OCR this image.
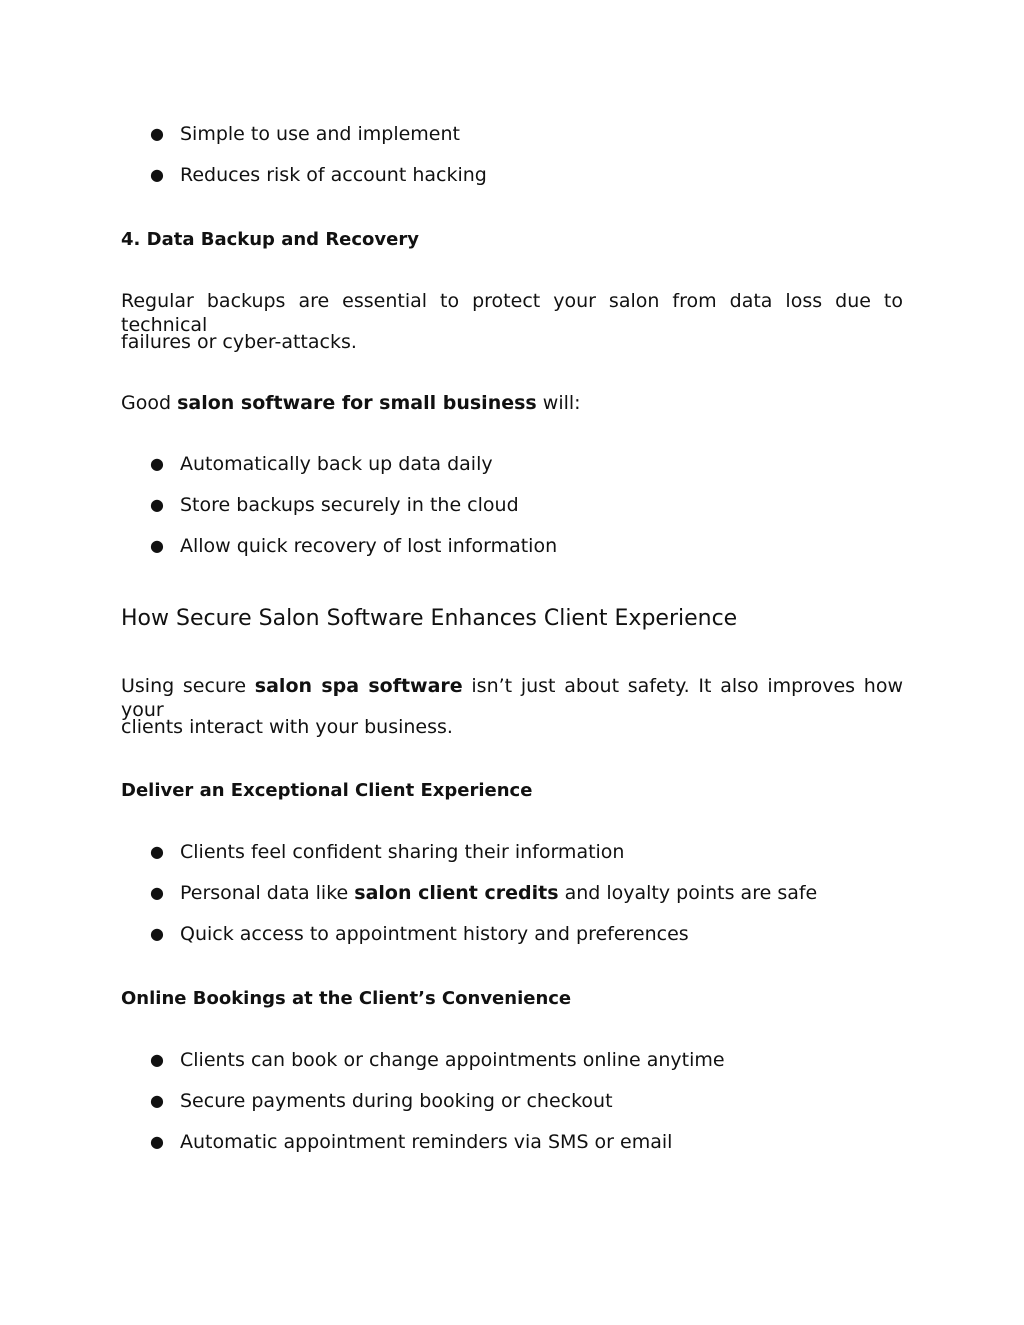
● Simple to use and implement
● Reduces risk of account hacking
4. Data Backup and Recovery
Regular backups are essential to protect your salon from data loss due to technical
failures or cyber-attacks.
Good salon software for small business will:
● Automatically back up data daily
● Store backups securely in the cloud
● Allow quick recovery of lost information
How Secure Salon Software Enhances Client Experience
Using secure salon spa software isn’t just about safety. It also improves how your
clients interact with your business.
Deliver an Exceptional Client Experience
● Clients feel confident sharing their information
● Personal data like salon client credits and loyalty points are safe
● Quick access to appointment history and preferences
Online Bookings at the Client’s Convenience
● Clients can book or change appointments online anytime
● Secure payments during booking or checkout
● Automatic appointment reminders via SMS or email
